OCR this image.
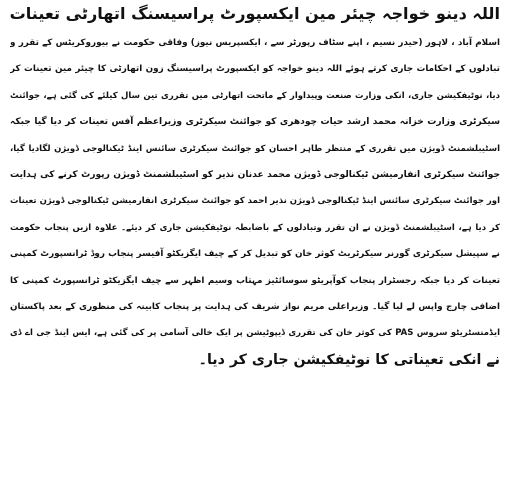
اللہ دینو خواجہ چیئر مین ایکسپورٹ پراسیسنگ اتھارٹی تعینات
اسلام آباد ، لاہور (حیدر نسیم ، اپنے سٹاف رپورٹر سے ، ایکسپریس نیوز) وفاقی حکومت نے بیوروکریٹس کے تقرر و
تبادلوں کے احکامات جاری کرتے ہوئے اللہ دینو خواجہ کو ایکسپورٹ پراسیسنگ زون اتھارٹی کا چیئر مین تعینات کر
دیا، نوٹیفکیشن جاری، انکی وزارت صنعت وپیداوار کے ماتحت اتھارٹی میں تقرری تین سال کیلئے کی گئی ہے، جوائنٹ
سیکرٹری وزارت خزانہ محمد ارشد حیات چودھری کو جوائنٹ سیکرٹری وزیراعظم آفس تعینات کر دیا گیا جبکہ
اسٹیبلشمنٹ ڈویژن میں تقرری کے منتظر طاہر احسان کو جوائنٹ سیکرٹری سائنس اینڈ ٹیکنالوجی ڈویژن لگادیا گیا،
جوائنٹ سیکرٹری انفارمیشن ٹیکنالوجی ڈویژن محمد عدنان نذیر کو اسٹیبلشمنٹ ڈویژن رپورٹ کرنے کی ہدایت
اور جوائنٹ سیکرٹری سائنس اینڈ ٹیکنالوجی ڈویژن نذیر احمد کو جوائنٹ سیکرٹری انفارمیشن ٹیکنالوجی ڈویژن تعینات
کر دیا ہے، اسٹیبلشمنٹ ڈویژن نے ان تقرر وتبادلوں کے باضابطہ نوٹیفکیشن جاری کر دیئے۔ علاوہ ازیں پنجاب حکومت
نے سپیشل سیکرٹری گورنر سیکرٹریٹ کوثر خان کو تبدیل کر کے چیف ایگزیکٹو آفیسر پنجاب روڈ ٹرانسپورٹ کمپنی
تعینات کر دیا جبکہ رجسٹرار پنجاب کوآپریٹو سوسائٹیز مہتاب وسیم اظہر سے چیف ایگزیکٹو ٹرانسپورٹ کمپنی کا
اضافی چارج واپس لے لیا گیا۔ وزیراعلی مریم نواز شریف کی ہدایت پر پنجاب کابینہ کی منظوری کے بعد پاکستان
ایڈمنسٹریٹو سروس PAS کی کوثر خان کی تقرری ڈیپوٹیشن پر ایک خالی آسامی پر کی گئی ہے، ایس اینڈ جی اے ڈی
نے انکی تعیناتی کا نوٹیفکیشن جاری کر دیا۔
